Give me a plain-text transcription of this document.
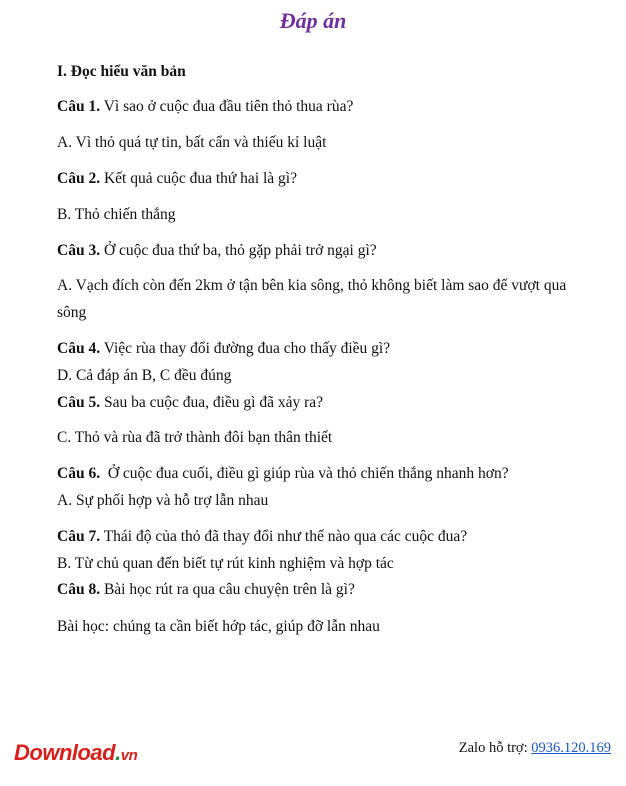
Đáp án
I. Đọc hiểu văn bản
Câu 1. Vì sao ở cuộc đua đầu tiên thỏ thua rùa?
A. Vì thỏ quá tự tin, bất cẩn và thiếu kỉ luật
Câu 2. Kết quả cuộc đua thứ hai là gì?
B. Thỏ chiến thắng
Câu 3. Ở cuộc đua thứ ba, thỏ gặp phải trở ngại gì?
A. Vạch đích còn đến 2km ở tận bên kia sông, thỏ không biết làm sao để vượt qua
sông
Câu 4. Việc rùa thay đổi đường đua cho thấy điều gì?
D. Cả đáp án B, C đều đúng
Câu 5. Sau ba cuộc đua, điều gì đã xảy ra?
C. Thỏ và rùa đã trở thành đôi bạn thân thiết
Câu 6. Ở cuộc đua cuối, điều gì giúp rùa và thỏ chiến thắng nhanh hơn?
A. Sự phối hợp và hỗ trợ lẫn nhau
Câu 7. Thái độ của thỏ đã thay đổi như thế nào qua các cuộc đua?
B. Từ chủ quan đến biết tự rút kinh nghiệm và hợp tác
Câu 8. Bài học rút ra qua câu chuyện trên là gì?
Bài học: chúng ta cần biết hớp tác, giúp đỡ lẫn nhau
Download.vn	Zalo hỗ trợ: 0936.120.169
